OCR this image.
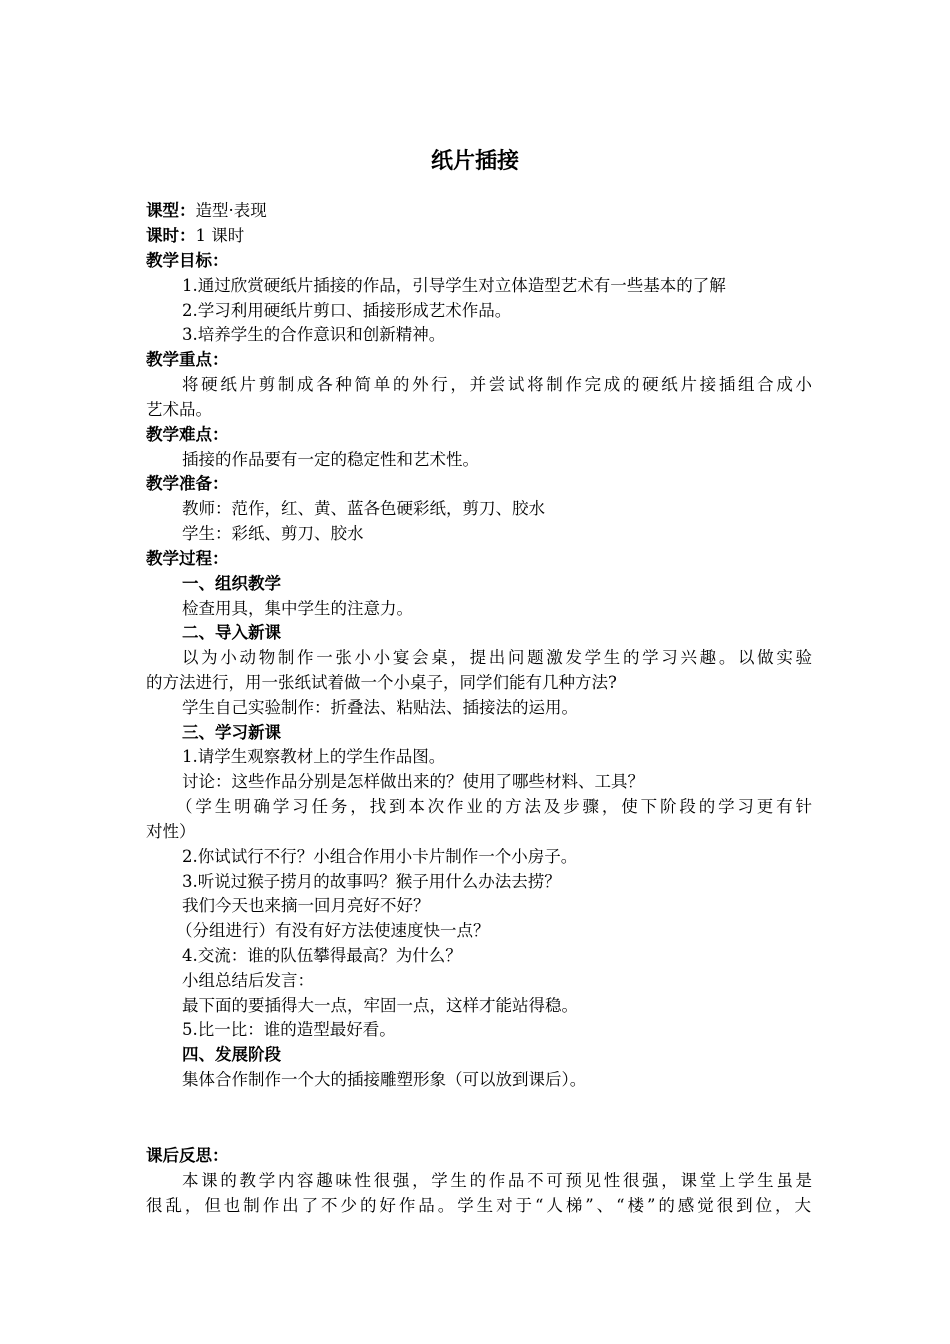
纸片插接
课型：造型·表现
课时：1 课时
教学目标：
1.通过欣赏硬纸片插接的作品，引导学生对立体造型艺术有一些基本的了解
2.学习利用硬纸片剪口、插接形成艺术作品。
3.培养学生的合作意识和创新精神。
教学重点：
将硬纸片剪制成各种简单的外行，并尝试将制作完成的硬纸片接插组合成小
艺术品。
教学难点：
插接的作品要有一定的稳定性和艺术性。
教学准备：
教师：范作，红、黄、蓝各色硬彩纸，剪刀、胶水
学生：彩纸、剪刀、胶水
教学过程：
一、组织教学
检查用具，集中学生的注意力。
二、导入新课
以为小动物制作一张小小宴会桌，提出问题激发学生的学习兴趣。以做实验
的方法进行，用一张纸试着做一个小桌子，同学们能有几种方法?
学生自己实验制作：折叠法、粘贴法、插接法的运用。
三、学习新课
1.请学生观察教材上的学生作品图。
讨论：这些作品分别是怎样做出来的？使用了哪些材料、工具？
（学生明确学习任务，找到本次作业的方法及步骤，使下阶段的学习更有针
对性）
2.你试试行不行？小组合作用小卡片制作一个小房子。
3.听说过猴子捞月的故事吗？猴子用什么办法去捞？
我们今天也来摘一回月亮好不好？
（分组进行）有没有好方法使速度快一点？
4.交流：谁的队伍攀得最高？为什么？
小组总结后发言：
最下面的要插得大一点，牢固一点，这样才能站得稳。
5.比一比：谁的造型最好看。
四、发展阶段
集体合作制作一个大的插接雕塑形象（可以放到课后）。
课后反思：
本课的教学内容趣味性很强，学生的作品不可预见性很强，课堂上学生虽是
很乱，但也制作出了不少的好作品。学生对于“人梯”、“楼”的感觉很到位，大
